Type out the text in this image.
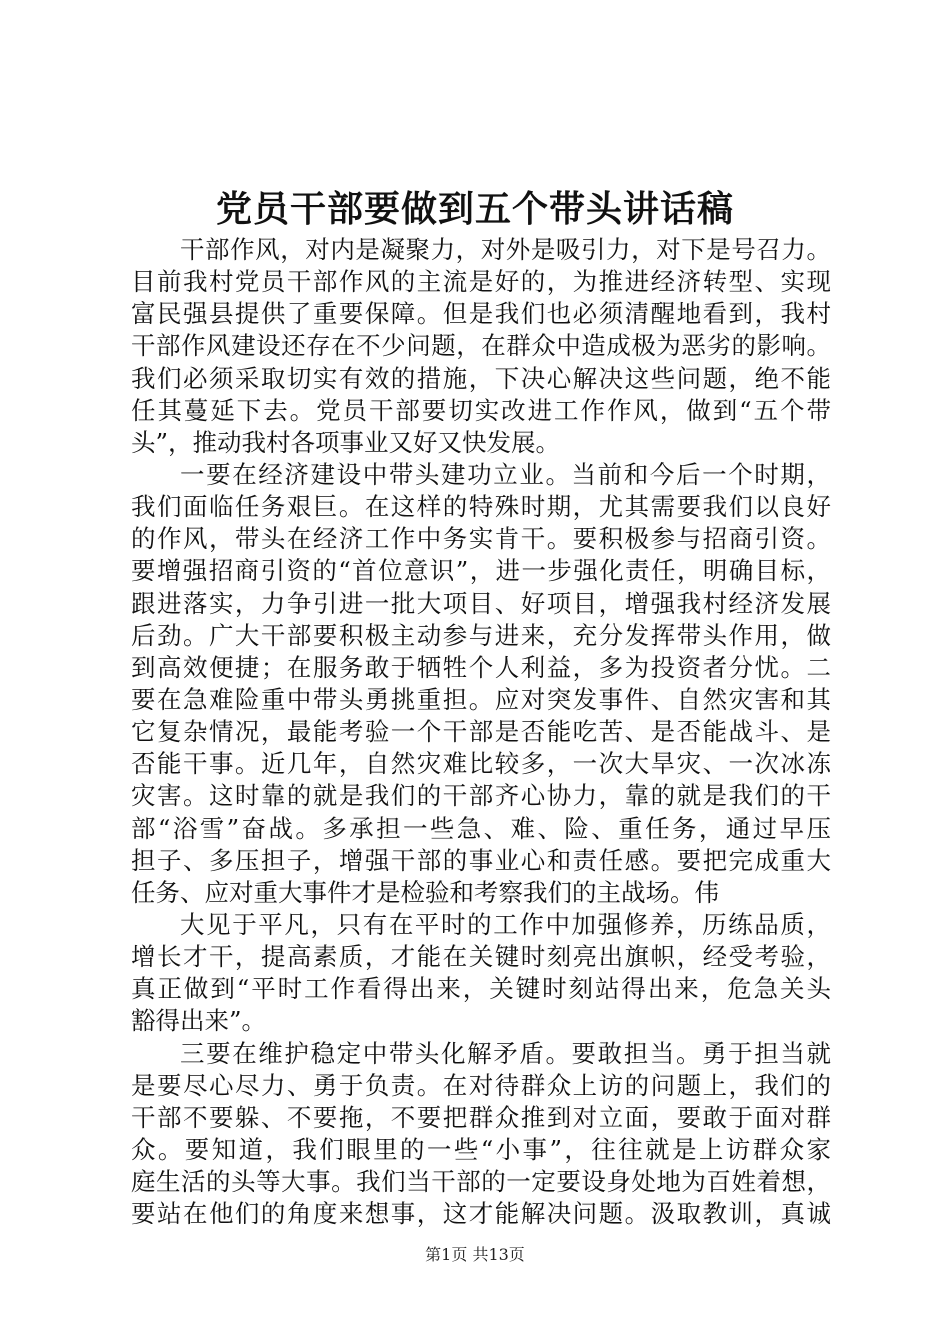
党员干部要做到五个带头讲话稿
干部作风，对内是凝聚力，对外是吸引力，对下是号召力。
目前我村党员干部作风的主流是好的，为推进经济转型、实现
富民强县提供了重要保障。但是我们也必须清醒地看到，我村
干部作风建设还存在不少问题，在群众中造成极为恶劣的影响。
我们必须采取切实有效的措施，下决心解决这些问题，绝不能
任其蔓延下去。党员干部要切实改进工作作风，做到“五个带
头”，推动我村各项事业又好又快发展。
一要在经济建设中带头建功立业。当前和今后一个时期，
我们面临任务艰巨。在这样的特殊时期，尤其需要我们以良好
的作风，带头在经济工作中务实肯干。要积极参与招商引资。
要增强招商引资的“首位意识”，进一步强化责任，明确目标，
跟进落实，力争引进一批大项目、好项目，增强我村经济发展
后劲。广大干部要积极主动参与进来，充分发挥带头作用，做
到高效便捷；在服务敢于牺牲个人利益，多为投资者分忧。二
要在急难险重中带头勇挑重担。应对突发事件、自然灾害和其
它复杂情况，最能考验一个干部是否能吃苦、是否能战斗、是
否能干事。近几年，自然灾难比较多，一次大旱灾、一次冰冻
灾害。这时靠的就是我们的干部齐心协力，靠的就是我们的干
部“浴雪”奋战。多承担一些急、难、险、重任务，通过早压
担子、多压担子，增强干部的事业心和责任感。要把完成重大
任务、应对重大事件才是检验和考察我们的主战场。伟
大见于平凡，只有在平时的工作中加强修养，历练品质，
增长才干，提高素质，才能在关键时刻亮出旗帜，经受考验，
真正做到“平时工作看得出来，关键时刻站得出来，危急关头
豁得出来”。
三要在维护稳定中带头化解矛盾。要敢担当。勇于担当就
是要尽心尽力、勇于负责。在对待群众上访的问题上，我们的
干部不要躲、不要拖，不要把群众推到对立面，要敢于面对群
众。要知道，我们眼里的一些“小事”，往往就是上访群众家
庭生活的头等大事。我们当干部的一定要设身处地为百姓着想，
要站在他们的角度来想事，这才能解决问题。汲取教训，真诚
第1页 共13页
